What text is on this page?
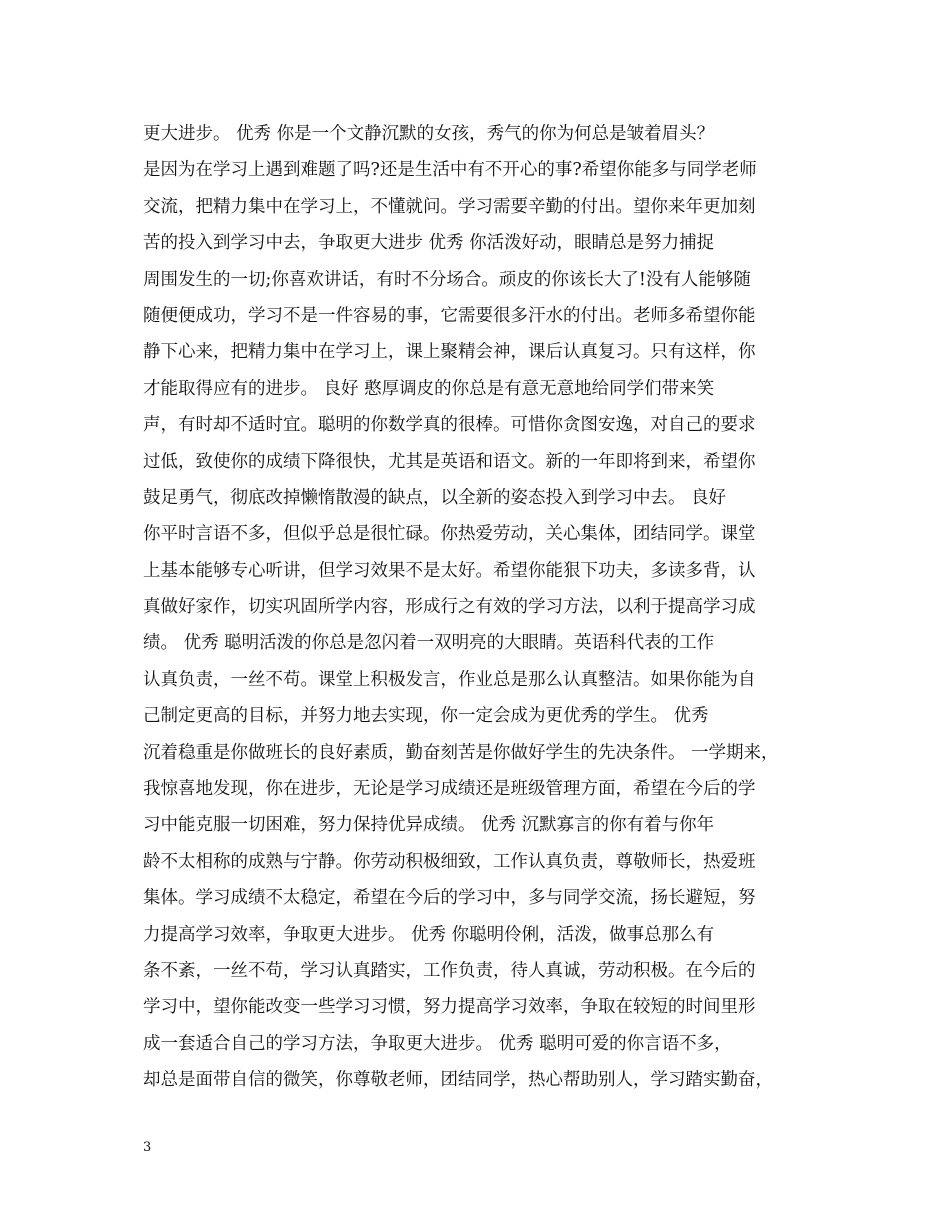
更大进步。 优秀 你是一个文静沉默的女孩，秀气的你为何总是皱着眉头？
是因为在学习上遇到难题了吗?还是生活中有不开心的事?希望你能多与同学老师
交流，把精力集中在学习上，不懂就问。学习需要辛勤的付出。望你来年更加刻
苦的投入到学习中去，争取更大进步 优秀 你活泼好动，眼睛总是努力捕捉
周围发生的一切;你喜欢讲话，有时不分场合。顽皮的你该长大了!没有人能够随
随便便成功，学习不是一件容易的事，它需要很多汗水的付出。老师多希望你能
静下心来，把精力集中在学习上，课上聚精会神，课后认真复习。只有这样，你
才能取得应有的进步。 良好 憨厚调皮的你总是有意无意地给同学们带来笑
声，有时却不适时宜。聪明的你数学真的很棒。可惜你贪图安逸，对自己的要求
过低，致使你的成绩下降很快，尤其是英语和语文。新的一年即将到来，希望你
鼓足勇气，彻底改掉懒惰散漫的缺点，以全新的姿态投入到学习中去。 良好
你平时言语不多，但似乎总是很忙碌。你热爱劳动，关心集体，团结同学。课堂
上基本能够专心听讲，但学习效果不是太好。希望你能狠下功夫，多读多背，认
真做好家作，切实巩固所学内容，形成行之有效的学习方法，以利于提高学习成
绩。 优秀 聪明活泼的你总是忽闪着一双明亮的大眼睛。英语科代表的工作
认真负责，一丝不苟。课堂上积极发言，作业总是那么认真整洁。如果你能为自
己制定更高的目标，并努力地去实现，你一定会成为更优秀的学生。 优秀
沉着稳重是你做班长的良好素质，勤奋刻苦是你做好学生的先决条件。 一学期来，
我惊喜地发现，你在进步，无论是学习成绩还是班级管理方面，希望在今后的学
习中能克服一切困难，努力保持优异成绩。 优秀 沉默寡言的你有着与你年
龄不太相称的成熟与宁静。你劳动积极细致，工作认真负责，尊敬师长，热爱班
集体。学习成绩不太稳定，希望在今后的学习中，多与同学交流，扬长避短，努
力提高学习效率，争取更大进步。 优秀 你聪明伶俐，活泼，做事总那么有
条不紊，一丝不苟，学习认真踏实，工作负责，待人真诚，劳动积极。在今后的
学习中，望你能改变一些学习习惯，努力提高学习效率，争取在较短的时间里形
成一套适合自己的学习方法，争取更大进步。 优秀 聪明可爱的你言语不多，
却总是面带自信的微笑，你尊敬老师，团结同学，热心帮助别人，学习踏实勤奋，
3
